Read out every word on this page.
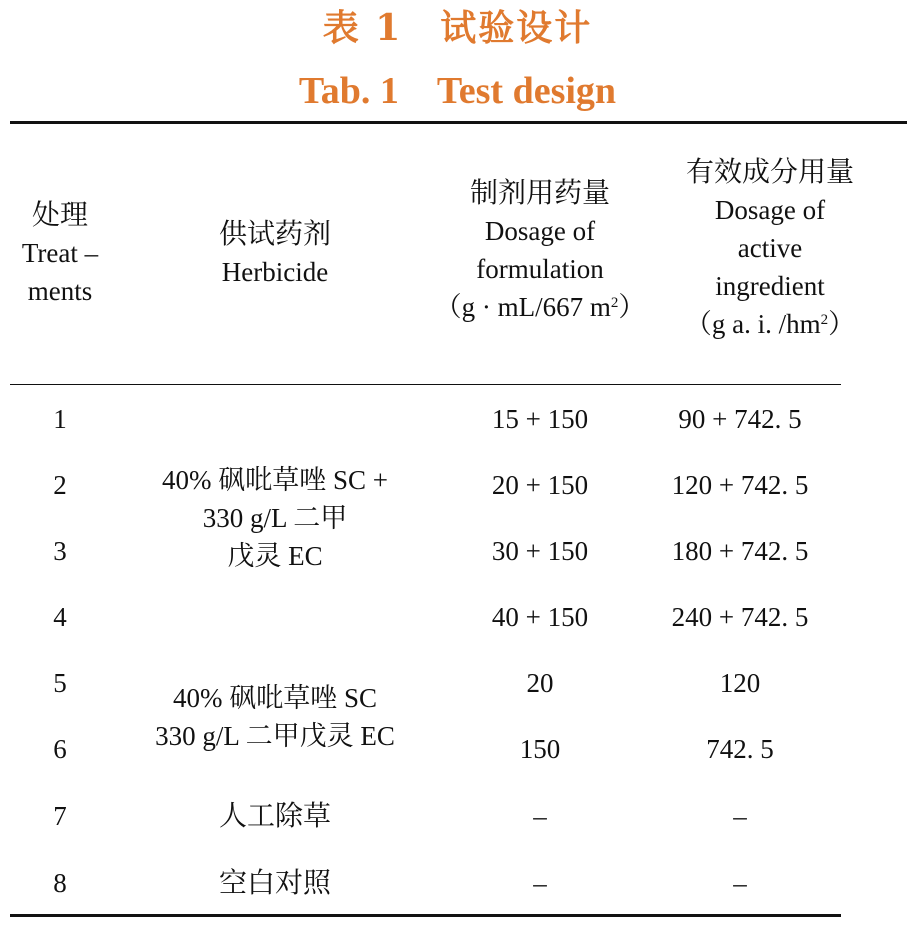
表 1　试验设计
Tab. 1　Test design
处理
Treat –
ments
供试药剂
Herbicide
制剂用药量
Dosage of
formulation
（g · mL/667 $m^2$）
有效成分用量
Dosage of
active
ingredient
（g a. i. $/hm^2$）
1
2
3
4
5
6
7
8
40% 砜吡草唑 SC +
330 g/L 二甲
戊灵 EC
40% 砜吡草唑 SC
330 g/L 二甲戊灵 EC
人工除草
空白对照
15 + 150
20 + 150
30 + 150
40 + 150
20
150
–
–
90 + 742. 5
120 + 742. 5
180 + 742. 5
240 + 742. 5
120
742. 5
–
–
